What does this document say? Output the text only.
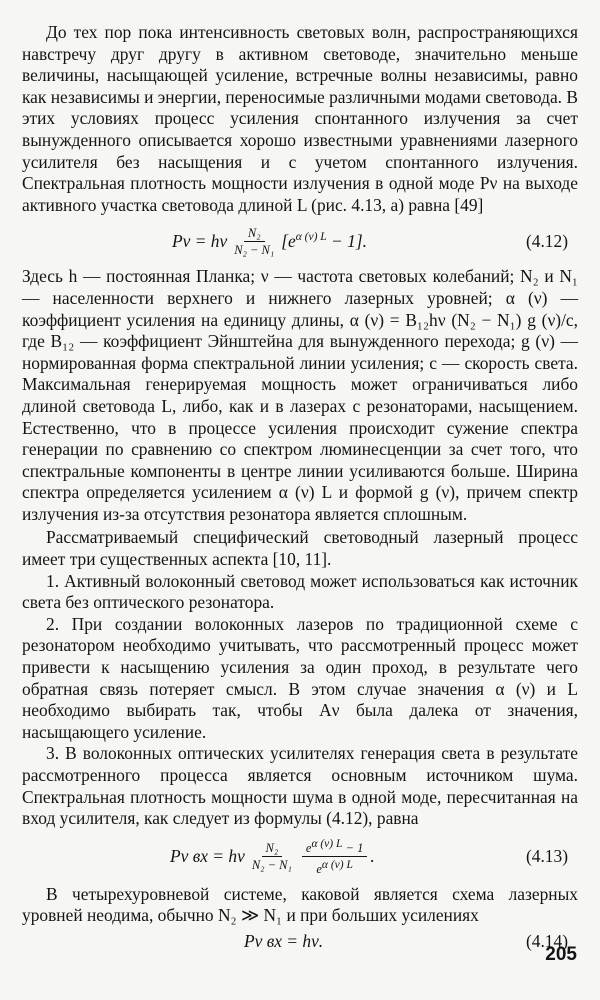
До тех пор пока интенсивность световых волн, распространяющихся навстречу друг другу в активном световоде, значительно меньше величины, насыщающей усиление, встречные волны независимы, равно как независимы и энергии, переносимые различными модами световода. В этих условиях процесс усиления спонтанного излучения за счет вынужденного описывается хорошо известными уравнениями лазерного усилителя без насыщения и с учетом спонтанного излучения. Спектральная плотность мощности излучения в одной моде Pν на выходе активного участка световода длиной L (рис. 4.13, a) равна [49]

Pν = hν $\frac{\text{N₂}}{\text{N₂ − N₁}} [e^{\alpha (\nu) L} - 1]$.	(4.12)

Здесь h — постоянная Планка; ν — частота световых колебаний; N₂ и N₁ — населенности верхнего и нижнего лазерных уровней; α (ν) — коэффициент усиления на единицу длины, α (ν) = B₁₂hν (N₂ − N₁) g (ν)/c, где B₁₂ — коэффициент Эйнштейна для вынужденного перехода; g (ν) — нормированная форма спектральной линии усиления; c — скорость света. Максимальная генерируемая мощность может ограничиваться либо длиной световода L, либо, как и в лазерах с резонаторами, насыщением. Естественно, что в процессе усиления происходит сужение спектра генерации по сравнению со спектром люминесценции за счет того, что спектральные компоненты в центре линии усиливаются больше. Ширина спектра определяется усилением α (ν) L и формой g (ν), причем спектр излучения из-за отсутствия резонатора является сплошным.

Рассматриваемый специфический световодный лазерный процесс имеет три существенных аспекта [10, 11].

1. Активный волоконный световод может использоваться как источник света без оптического резонатора.

2. При создании волоконных лазеров по традиционной схеме с резонатором необходимо учитывать, что рассмотренный процесс может привести к насыщению усиления за один проход, в результате чего обратная связь потеряет смысл. В этом случае значения α (ν) и L необходимо выбирать так, чтобы Aν была далека от значения, насыщающего усиление.

3. В волоконных оптических усилителях генерация света в результате рассмотренного процесса является основным источником шума. Спектральная плотность мощности шума в одной моде, пересчитанная на вход усилителя, как следует из формулы (4.12), равна

Pν вх = hν $\frac{\text{N₂}}{\text{N₂ − N₁}} \frac{e^{\alpha (\nu) L} - 1}{e^{\alpha (\nu) L}}$ .	(4.13)

В четырехуровневой системе, каковой является схема лазерных уровней неодима, обычно N₂ ≫ N₁ и при больших усилениях

Pν вх = hν.	(4.14)
205
